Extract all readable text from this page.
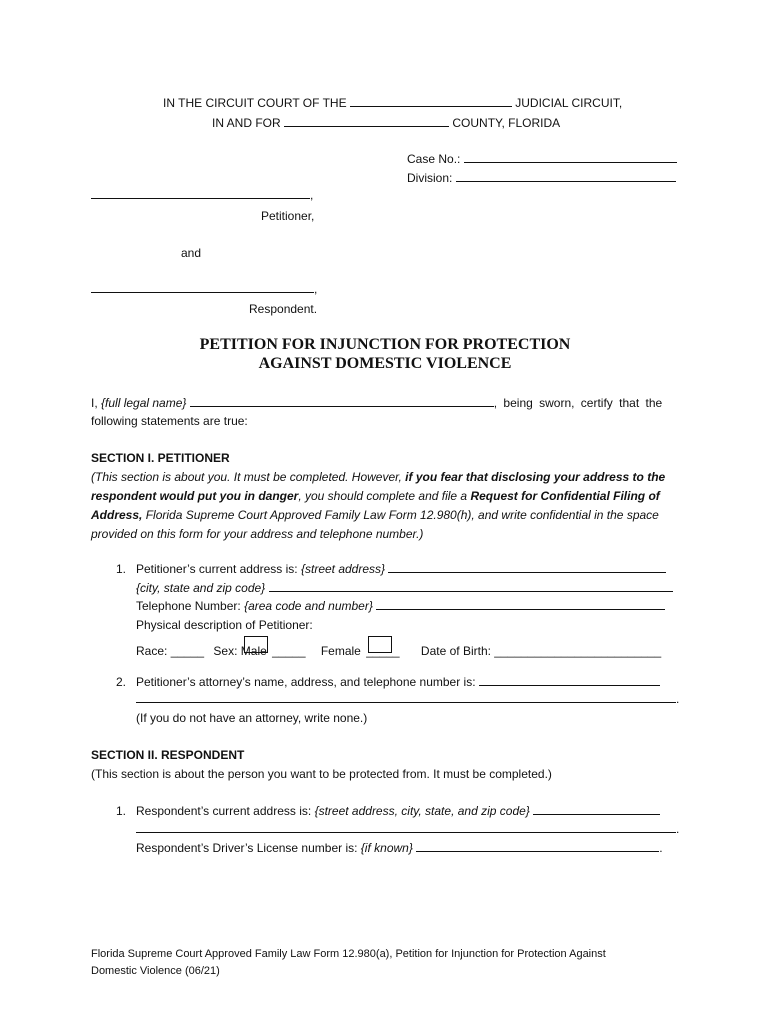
IN THE CIRCUIT COURT OF THE	JUDICIAL CIRCUIT,
IN AND FOR	COUNTY, FLORIDA
Case No.:
Division:
,
Petitioner,
and
,
Respondent.
PETITION FOR INJUNCTION FOR PROTECTION
AGAINST DOMESTIC VIOLENCE
I, {full legal name}	, being sworn, certify that the
following statements are true:
SECTION I. PETITIONER
(This section is about you. It must be completed. However, if you fear that disclosing your address to the respondent would put you in danger, you should complete and file a Request for Confidential Filing of Address, Florida Supreme Court Approved Family Law Form 12.980(h), and write confidential in the space provided on this form for your address and telephone number.)
1. Petitioner’s current address is: {street address}
{city, state and zip code}
Telephone Number: {area code and number}
Physical description of Petitioner:
Race: _____ Sex: Male _____ Female _____ Date of Birth: _________________________
2. Petitioner’s attorney’s name, address, and telephone number is:
.
(If you do not have an attorney, write none.)
SECTION II. RESPONDENT
(This section is about the person you want to be protected from. It must be completed.)
1. Respondent’s current address is: {street address, city, state, and zip code}
.
Respondent’s Driver’s License number is: {if known}	.
Florida Supreme Court Approved Family Law Form 12.980(a), Petition for Injunction for Protection Against
Domestic Violence (06/21)
